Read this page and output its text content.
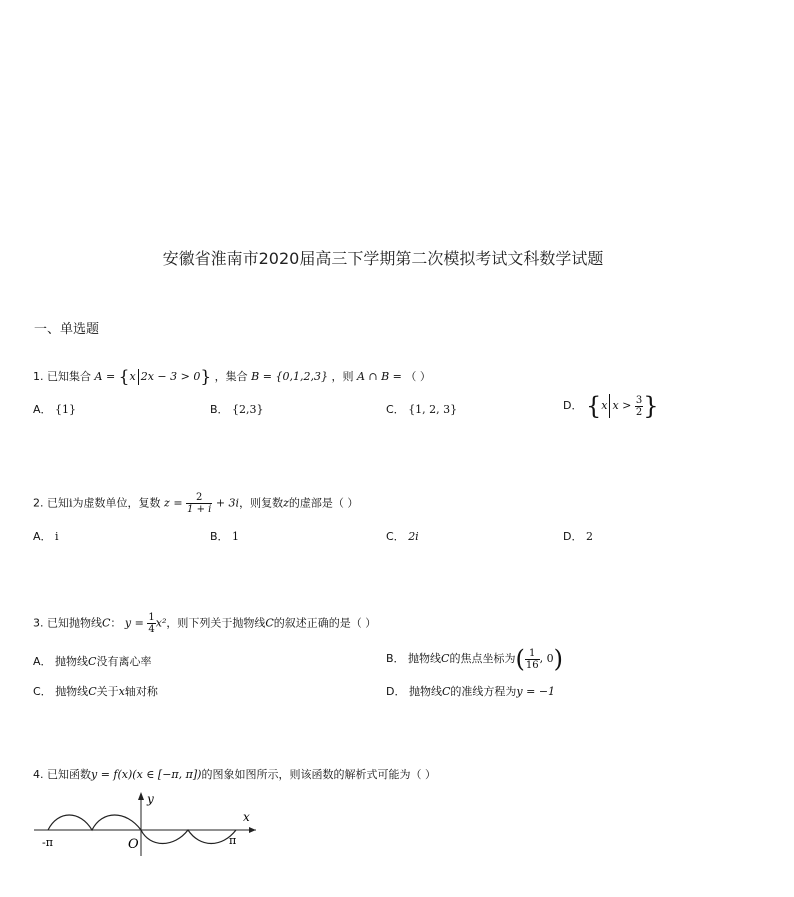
安徽省淮南市2020届高三下学期第二次模拟考试文科数学试题
一、单选题
1. 已知集合 A = {x 2x − 3 > 0} ，集合 B = {0,1,2,3} ，则 A ∩ B = （ ）
A． {1}	B． {2,3}	C． {1, 2, 3}	D． {x $x > \frac{3}{2}$ }
2. 已知i为虚数单位，复数 $z = \frac{2}{1 + i} + 3i$，则复数z的虚部是（ ）
A． i	B． 1	C． 2i	D． 2
3. 已知抛物线C： $y = \frac{1}{4} x^2$，则下列关于抛物线C的叙述正确的是（ ）
A． 抛物线C没有离心率	B． 抛物线C的焦点坐标为( $\frac{1}{16}$ , 0)
C． 抛物线C关于x轴对称	D． 抛物线C的准线方程为y = −1
4. 已知函数y = f(x)(x ∈ [−π, π])的图象如图所示，则该函数的解析式可能为（ ）
y
x
-π	O	π
